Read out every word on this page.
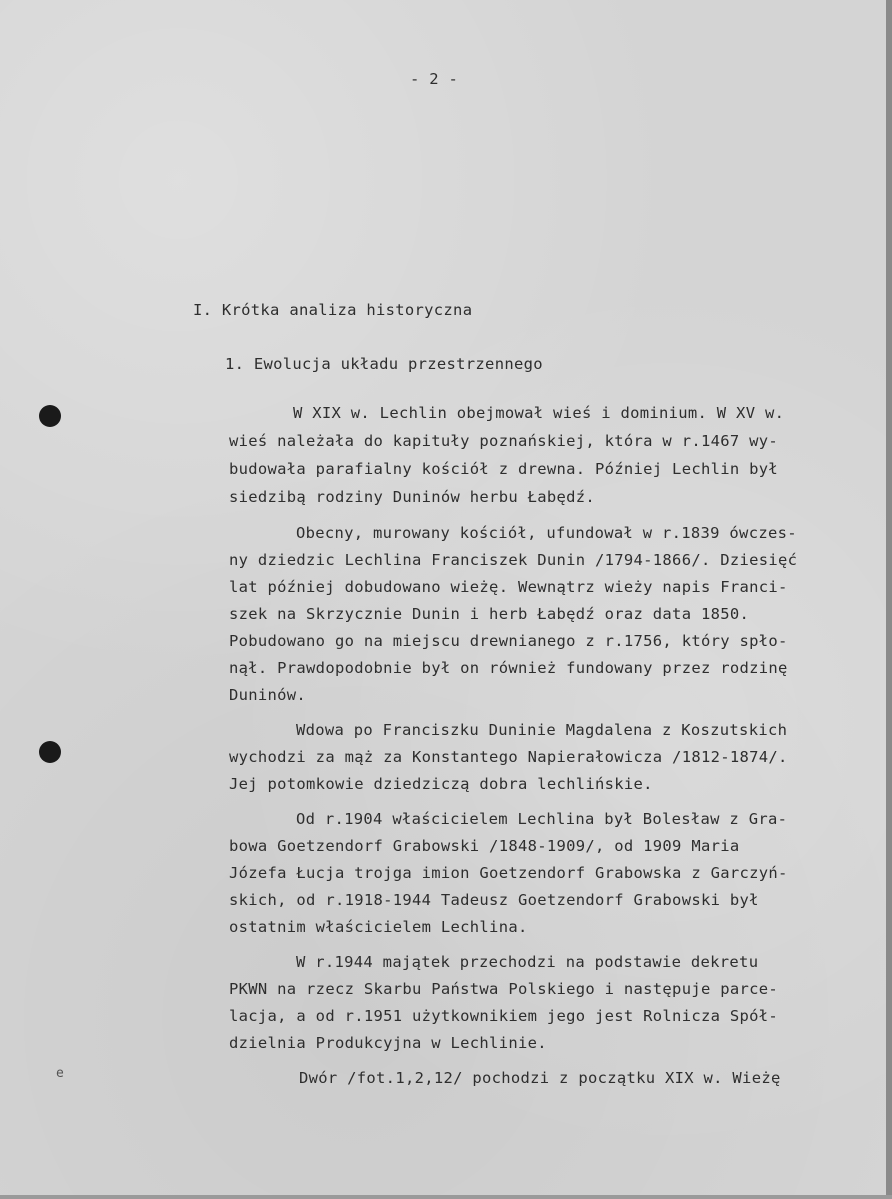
- 2 -
I. Krótka analiza historyczna
1. Ewolucja układu przestrzennego
W XIX w. Lechlin obejmował wieś i dominium. W XV w.
wieś należała do kapituły poznańskiej, która w r.1467 wy-
budowała parafialny kościół z drewna. Później Lechlin był
siedzibą rodziny Duninów herbu Łabędź.
Obecny, murowany kościół, ufundował w r.1839 ówczes-
ny dziedzic Lechlina Franciszek Dunin /1794-1866/. Dziesięć
lat później dobudowano wieżę. Wewnątrz wieży napis Franci-
szek na Skrzycznie Dunin i herb Łabędź oraz data 1850.
Pobudowano go na miejscu drewnianego z r.1756, który spło-
nął. Prawdopodobnie był on również fundowany przez rodzinę
Duninów.
Wdowa po Franciszku Duninie Magdalena z Koszutskich
wychodzi za mąż za Konstantego Napierałowicza /1812-1874/.
Jej potomkowie dziedziczą dobra lechlińskie.
Od r.1904 właścicielem Lechlina był Bolesław z Gra-
bowa Goetzendorf Grabowski /1848-1909/, od 1909 Maria
Józefa Łucja trojga imion Goetzendorf Grabowska z Garczyń-
skich, od r.1918-1944 Tadeusz Goetzendorf Grabowski był
ostatnim właścicielem Lechlina.
W r.1944 majątek przechodzi na podstawie dekretu
PKWN na rzecz Skarbu Państwa Polskiego i następuje parce-
lacja, a od r.1951 użytkownikiem jego jest Rolnicza Spół-
dzielnia Produkcyjna w Lechlinie.
Dwór /fot.1,2,12/ pochodzi z początku XIX w. Wieżę
e
